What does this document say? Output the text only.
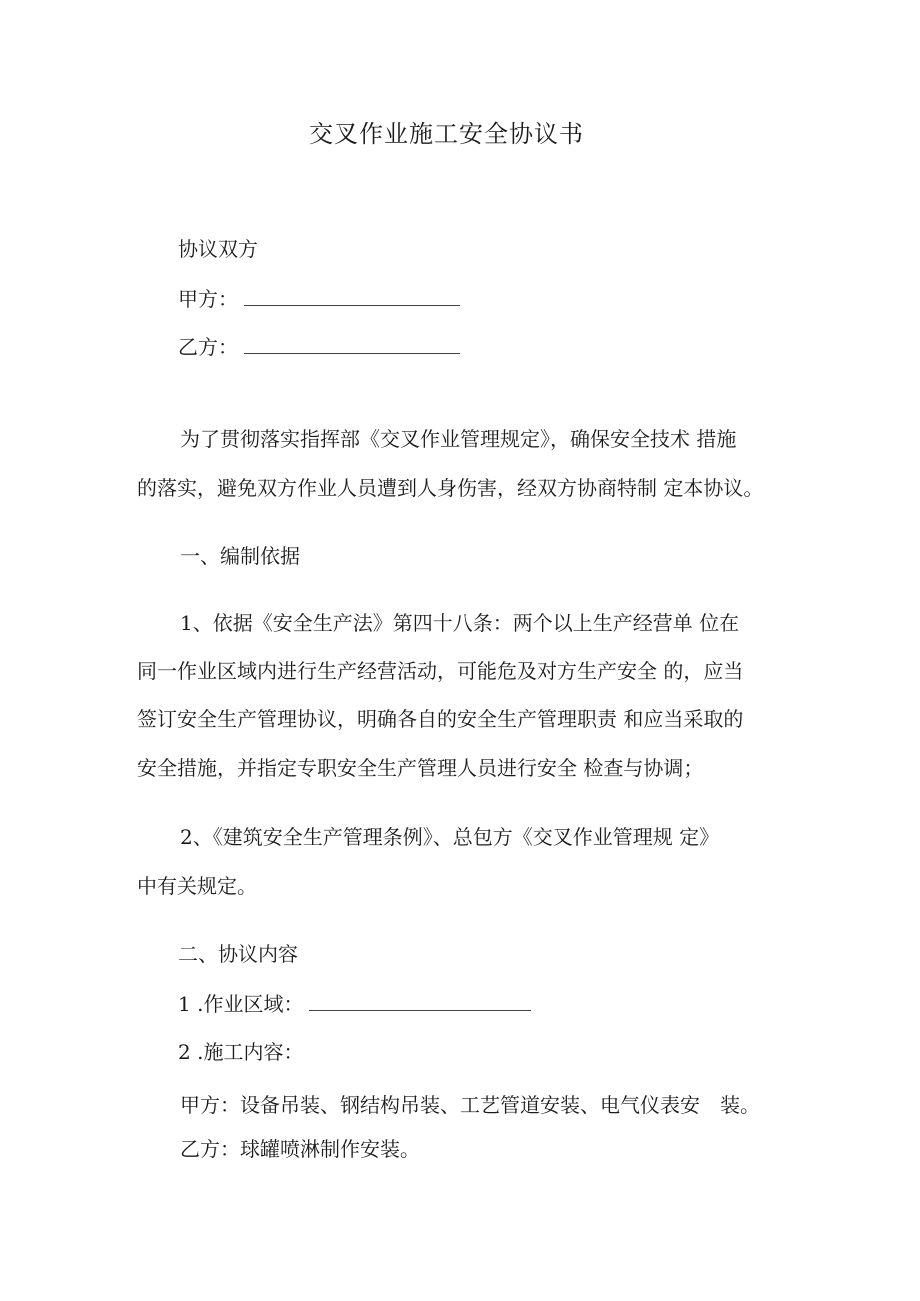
交叉作业施工安全协议书
协议双方
甲方：
乙方：
为了贯彻落实指挥部《交叉作业管理规定》，确保安全技术 措施
的落实，避免双方作业人员遭到人身伤害，经双方协商特制 定本协议。
一、编制依据
1、依据《安全生产法》第四十八条：两个以上生产经营单 位在
同一作业区域内进行生产经营活动，可能危及对方生产安全 的，应当
签订安全生产管理协议，明确各自的安全生产管理职责 和应当采取的
安全措施，并指定专职安全生产管理人员进行安全 检查与协调；
2、《建筑安全生产管理条例》、总包方《交叉作业管理规 定》
中有关规定。
二、协议内容
1 .作业区域：
2 .施工内容：
甲方：设备吊装、钢结构吊装、工艺管道安装、电气仪表安　装。
乙方：球罐喷淋制作安装。
